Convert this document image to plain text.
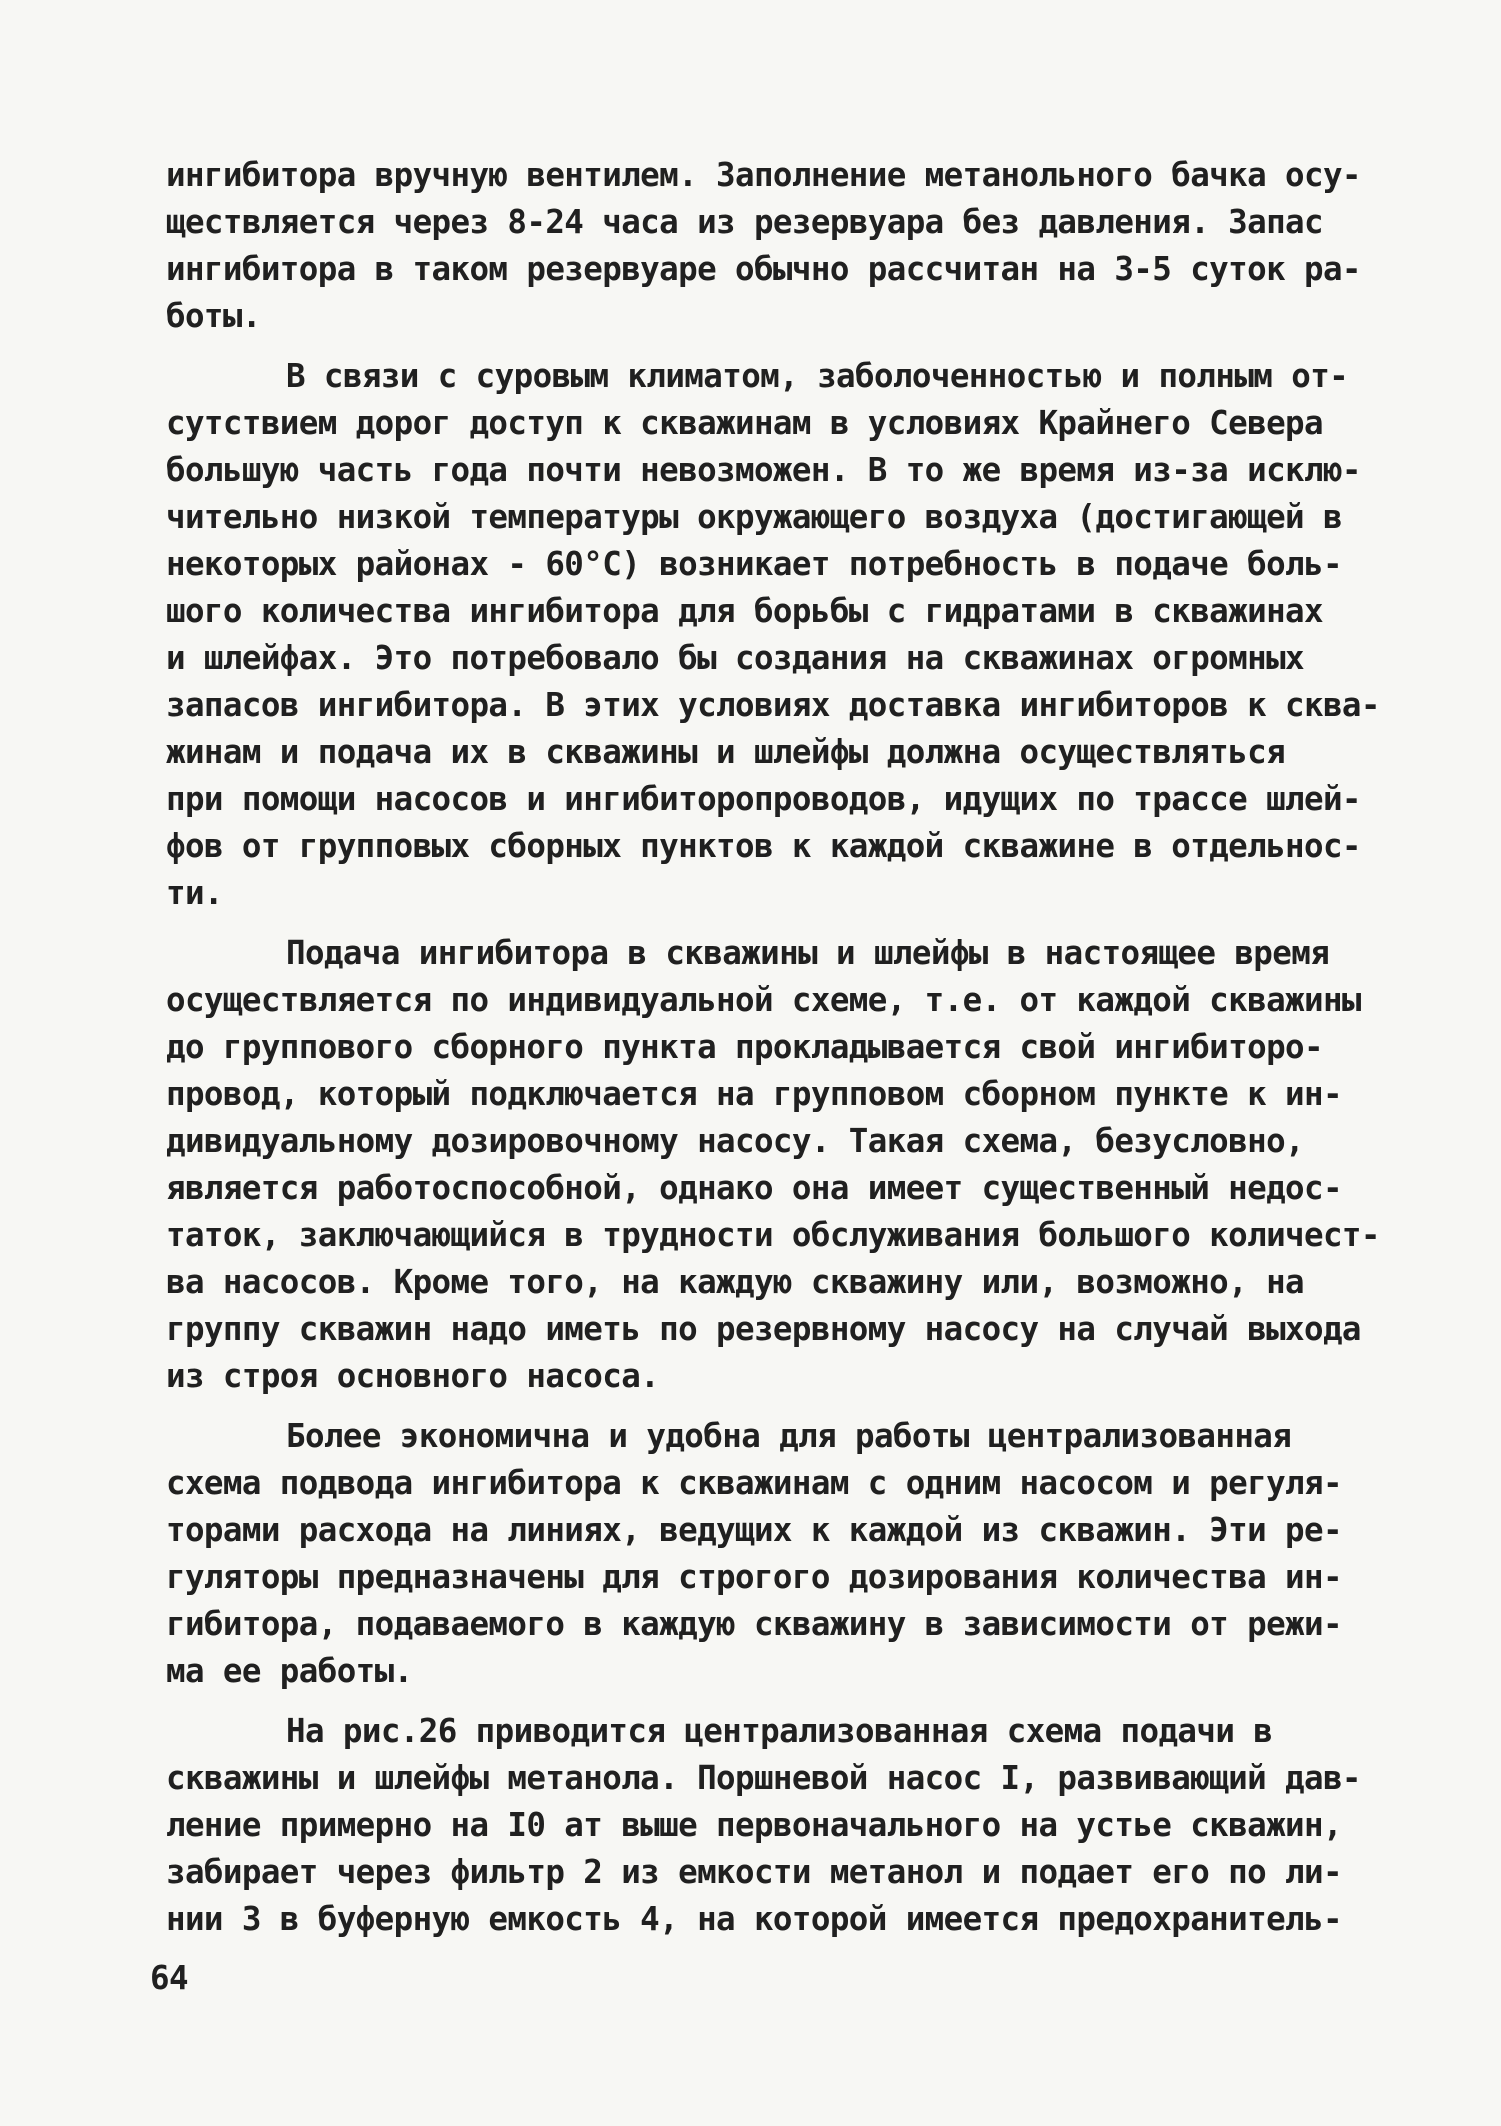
ингибитора вручную вентилем. Заполнение метанольного бачка осу-
ществляется через 8-24 часа из резервуара без давления. Запас
ингибитора в таком резервуаре обычно рассчитан на 3-5 суток ра-
боты.
В связи с суровым климатом, заболоченностью и полным от-
сутствием дорог доступ к скважинам в условиях Крайнего Севера
большую часть года почти невозможен. В то же время из-за исклю-
чительно низкой температуры окружающего воздуха (достигающей в
некоторых районах - 60°С) возникает потребность в подаче боль-
шого количества ингибитора для борьбы с гидратами в скважинах
и шлейфах. Это потребовало бы создания на скважинах огромных
запасов ингибитора. В этих условиях доставка ингибиторов к сква-
жинам и подача их в скважины и шлейфы должна осуществляться
при помощи насосов и ингибиторопроводов, идущих по трассе шлей-
фов от групповых сборных пунктов к каждой скважине в отдельнос-
ти.
Подача ингибитора в скважины и шлейфы в настоящее время
осуществляется по индивидуальной схеме, т.е. от каждой скважины
до группового сборного пункта прокладывается свой ингибиторо-
провод, который подключается на групповом сборном пункте к ин-
дивидуальному дозировочному насосу. Такая схема, безусловно,
является работоспособной, однако она имеет существенный недос-
таток, заключающийся в трудности обслуживания большого количест-
ва насосов. Кроме того, на каждую скважину или, возможно, на
группу скважин надо иметь по резервному насосу на случай выхода
из строя основного насоса.
Более экономична и удобна для работы централизованная
схема подвода ингибитора к скважинам с одним насосом и регуля-
торами расхода на линиях, ведущих к каждой из скважин. Эти ре-
гуляторы предназначены для строгого дозирования количества ин-
гибитора, подаваемого в каждую скважину в зависимости от режи-
ма ее работы.
На рис.26 приводится централизованная схема подачи в
скважины и шлейфы метанола. Поршневой насос I, развивающий дав-
ление примерно на I0 ат выше первоначального на устье скважин,
забирает через фильтр 2 из емкости метанол и подает его по ли-
нии 3 в буферную емкость 4, на которой имеется предохранитель-
64
